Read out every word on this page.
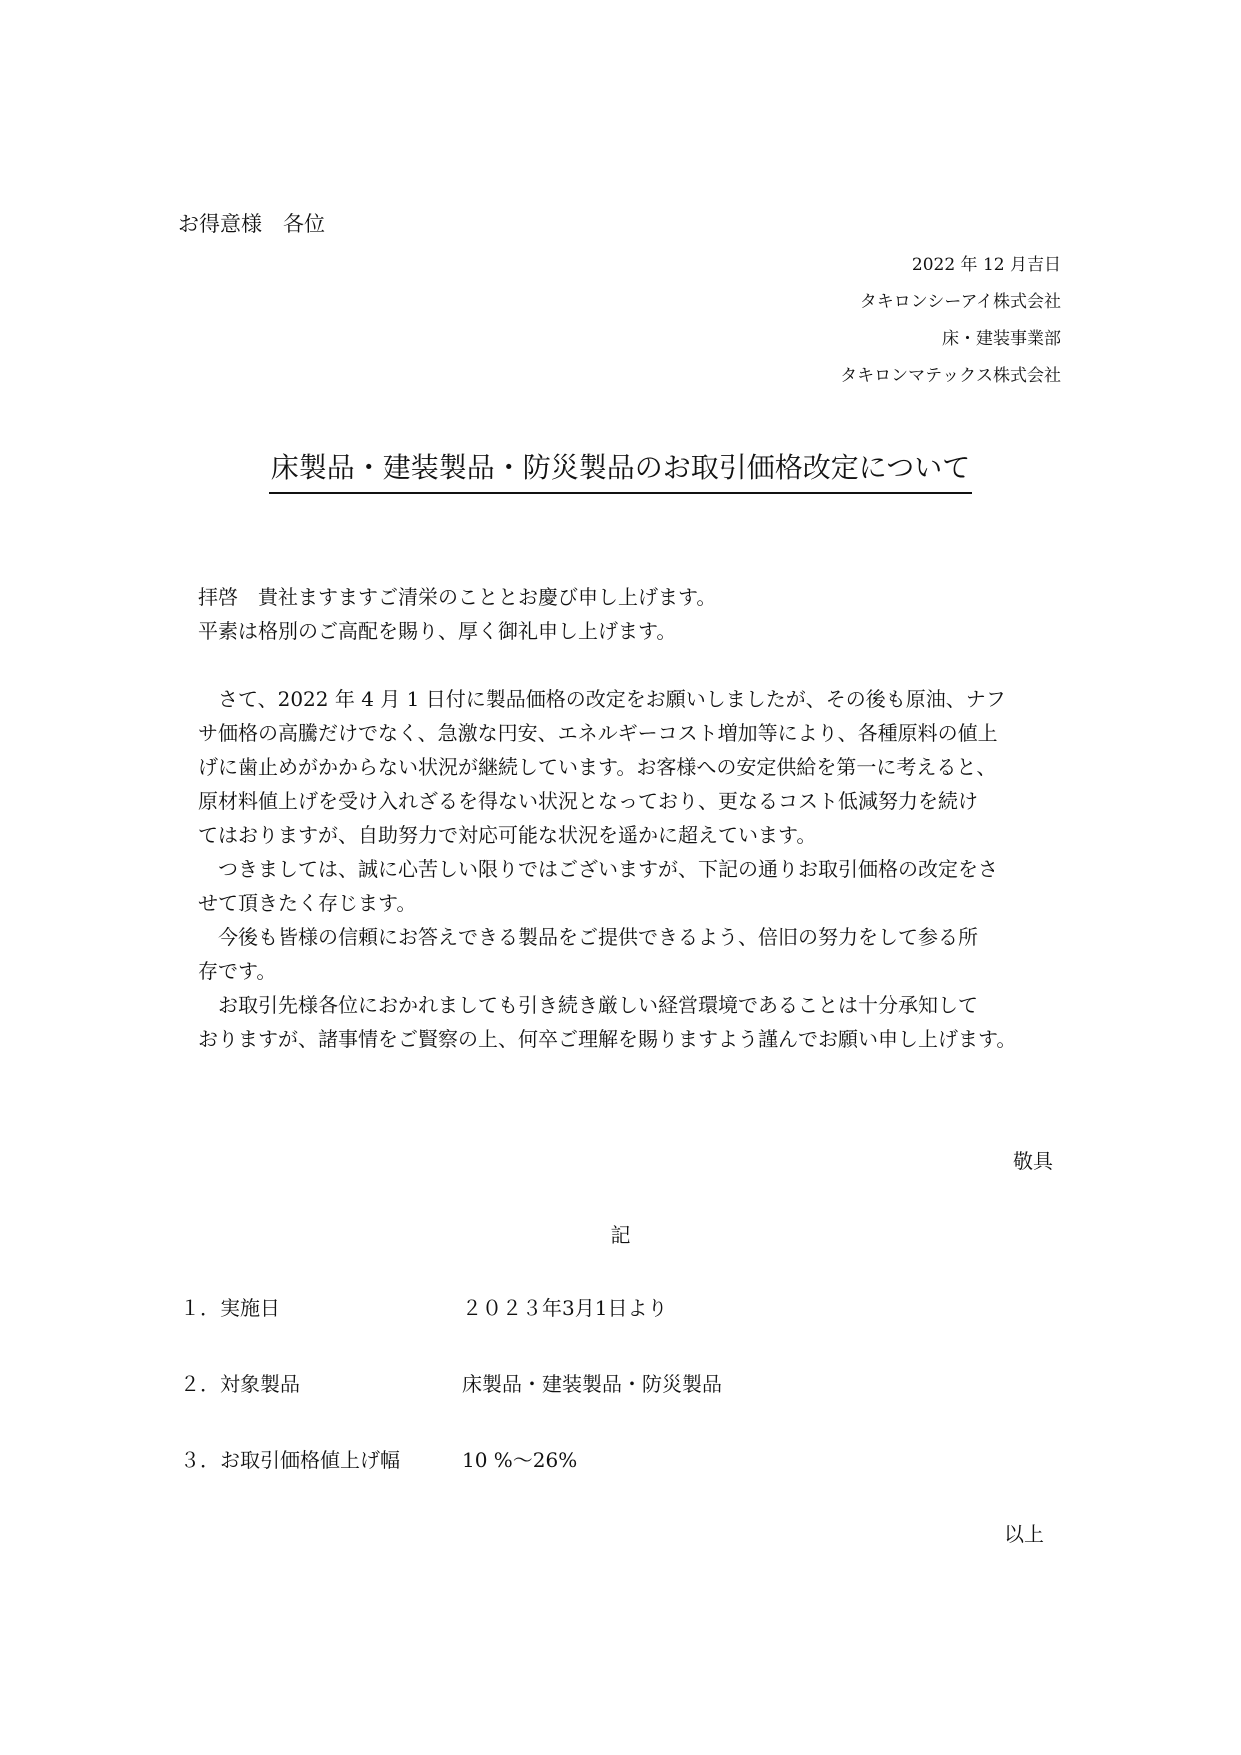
お得意様　各位
2022 年 12 月吉日
タキロンシーアイ株式会社
床・建装事業部
タキロンマテックス株式会社
床製品・建装製品・防災製品のお取引価格改定について
拝啓　貴社ますますご清栄のこととお慶び申し上げます。
平素は格別のご高配を賜り、厚く御礼申し上げます。
　さて、2022 年 4 月 1 日付に製品価格の改定をお願いしましたが、その後も原油、ナフ
サ価格の高騰だけでなく、急激な円安、エネルギーコスト増加等により、各種原料の値上
げに歯止めがかからない状況が継続しています。お客様への安定供給を第一に考えると、
原材料値上げを受け入れざるを得ない状況となっており、更なるコスト低減努力を続け
てはおりますが、自助努力で対応可能な状況を遥かに超えています。
　つきましては、誠に心苦しい限りではございますが、下記の通りお取引価格の改定をさ
せて頂きたく存じます。
　今後も皆様の信頼にお答えできる製品をご提供できるよう、倍旧の努力をして参る所
存です。
　お取引先様各位におかれましても引き続き厳しい経営環境であることは十分承知して
おりますが、諸事情をご賢察の上、何卒ご理解を賜りますよう謹んでお願い申し上げます。
敬具
記
１．実施日	２０２３年3月1日より
２．対象製品	床製品・建装製品・防災製品
３．お取引価格値上げ幅	10 %～26%
以上
